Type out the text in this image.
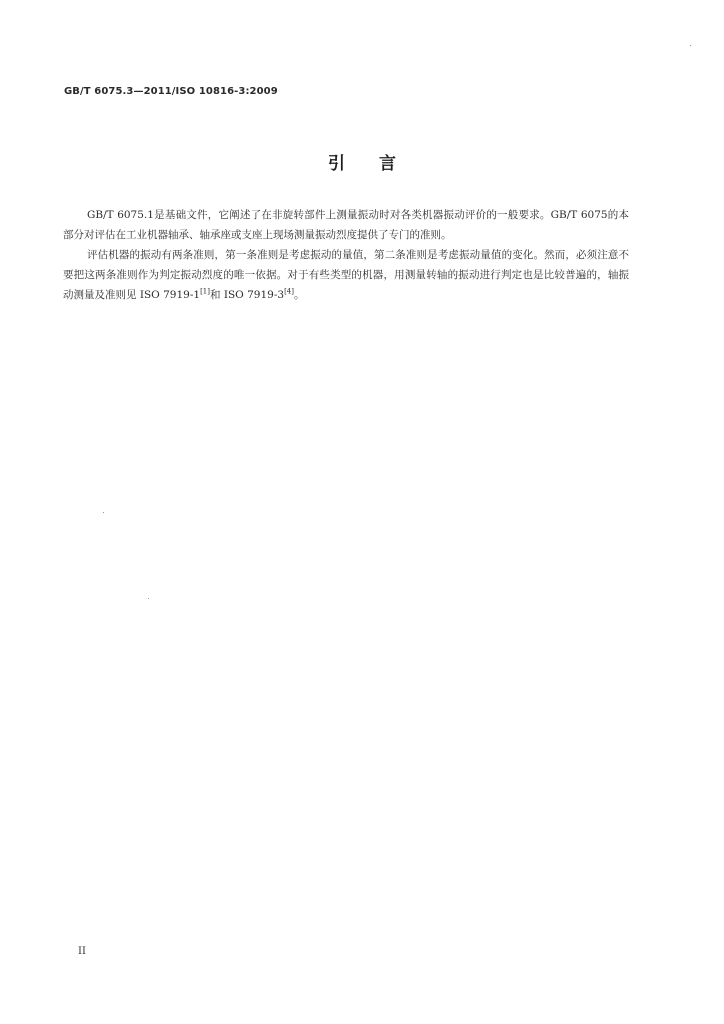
GB/T 6075.3—2011/ISO 10816-3:2009
引言

GB/T 6075.1是基础文件，它阐述了在非旋转部件上测量振动时对各类机器振动评价的一般要求。GB/T 6075的本部分对评估在工业机器轴承、轴承座或支座上现场测量振动烈度提供了专门的准则。

评估机器的振动有两条准则，第一条准则是考虑振动的量值，第二条准则是考虑振动量值的变化。然而，必须注意不要把这两条准则作为判定振动烈度的唯一依据。对于有些类型的机器，用测量转轴的振动进行判定也是比较普遍的，轴振动测量及准则见 ISO 7919-1[1]和 ISO 7919-3[4]。

II
